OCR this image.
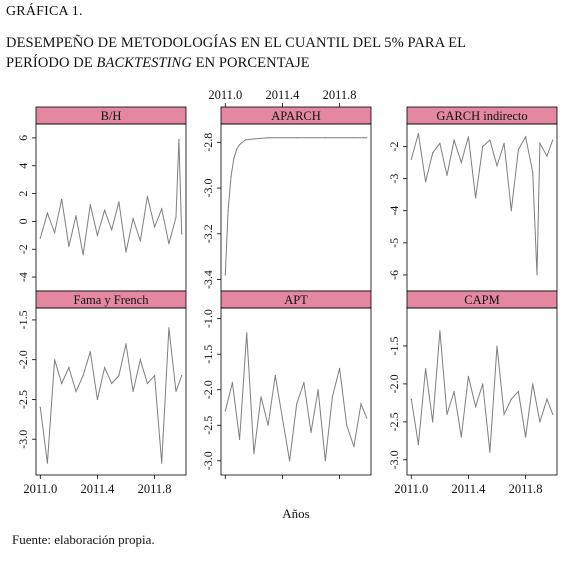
GRÁFICA 1.
DESEMPEÑO DE METODOLOGÍAS EN EL CUANTIL DEL 5% PARA EL
PERÍODO DE BACKTESTING EN PORCENTAJE
B/H
-4
-2
0
2
4
6
APARCH
-3.4
-3.2
-3.0
-2.8
GARCH indirecto
-6
-5
-4
-3
-2
Fama y French
-3.0
-2.5
-2.0
-1.5
APT
-3.0
-2.5
-2.0
-1.5
-1.0
CAPM
-3.0
-2.5
-2.0
-1.5
2011.0 2011.4 2011.8
2011.0 2011.4 2011.8	2011.0 2011.4 2011.8
Años
Fuente: elaboración propia.
